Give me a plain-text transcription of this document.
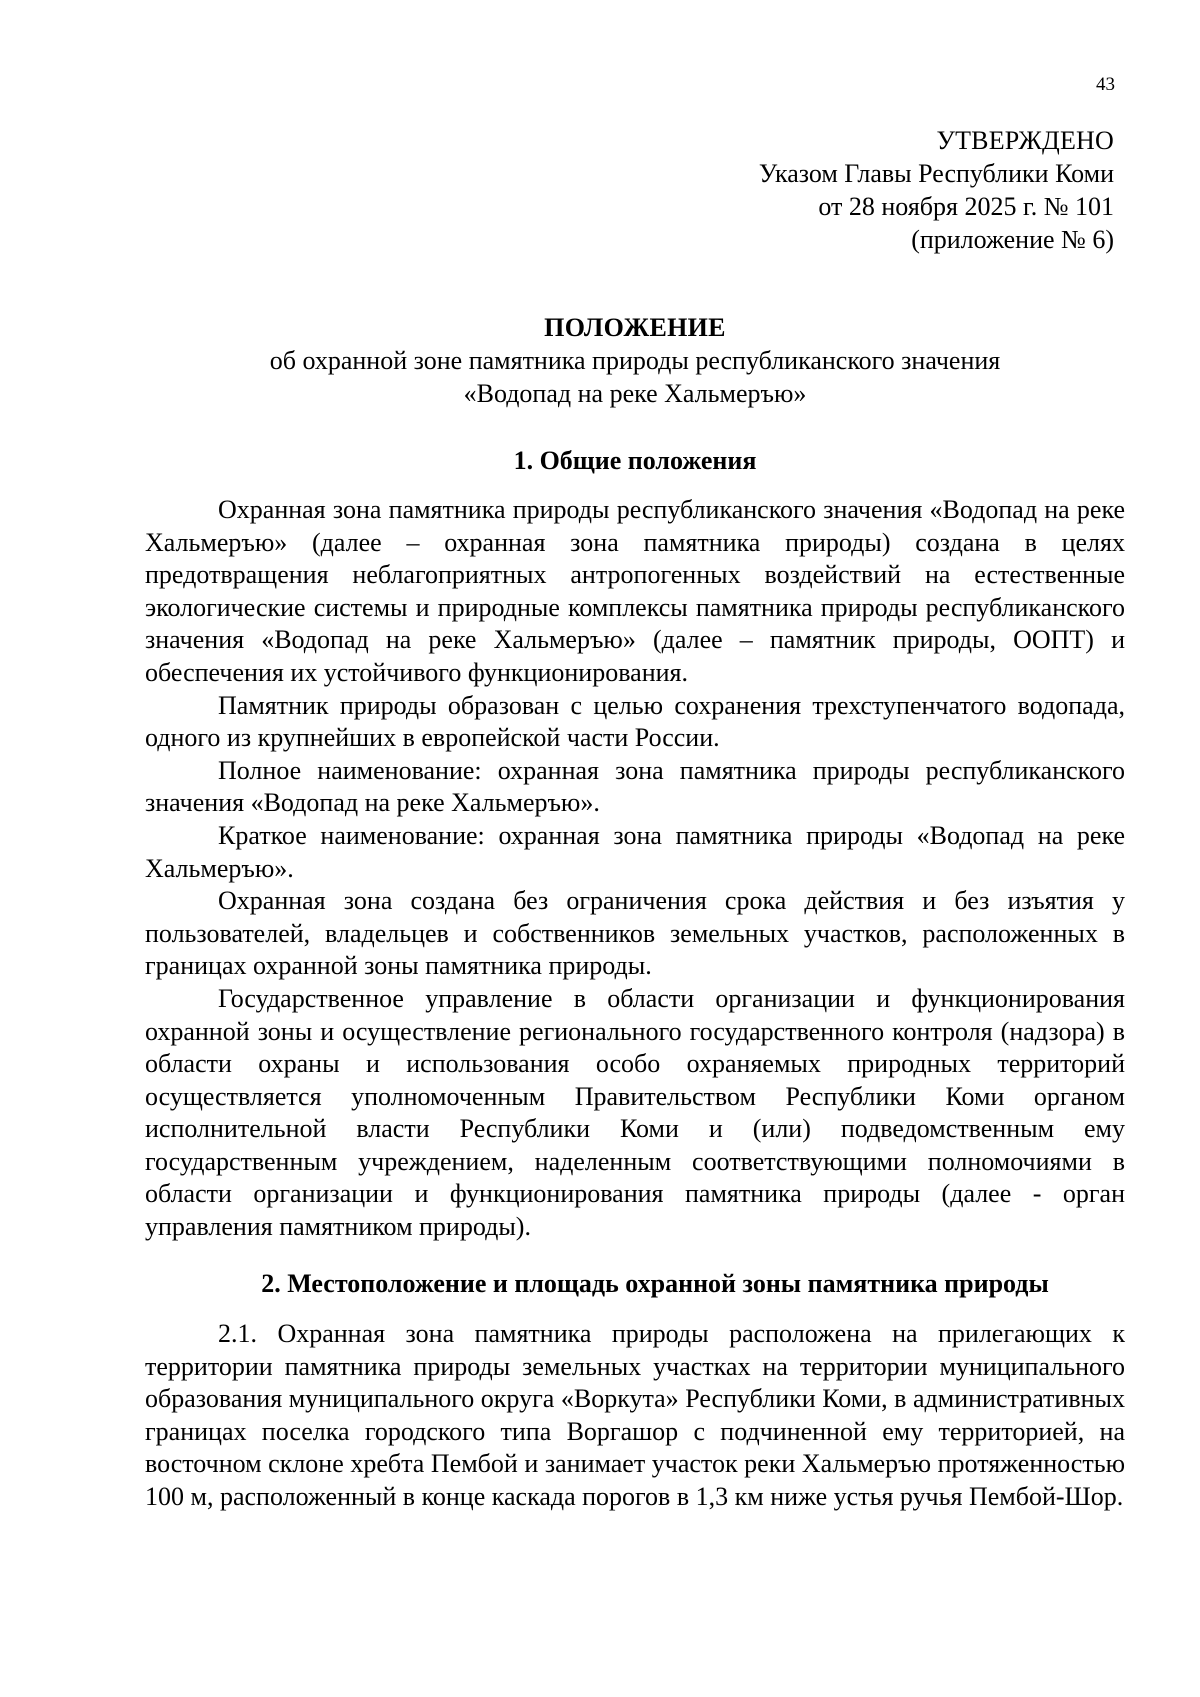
43
УТВЕРЖДЕНО
Указом Главы Республики Коми
от 28 ноября 2025 г. № 101
(приложение № 6)
ПОЛОЖЕНИЕ
об охранной зоне памятника природы республиканского значения
«Водопад на реке Хальмеръю»
1. Общие положения

Охранная зона памятника природы республиканского значения «Водопад на реке Хальмеръю» (далее – охранная зона памятника природы) создана в целях предотвращения неблагоприятных антропогенных воздействий на естественные экологические системы и природные комплексы памятника природы республиканского значения «Водопад на реке Хальмеръю» (далее – памятник природы, ООПТ) и обеспечения их устойчивого функционирования.

Памятник природы образован с целью сохранения трехступенчатого водопада, одного из крупнейших в европейской части России.

Полное наименование: охранная зона памятника природы республиканского значения «Водопад на реке Хальмеръю».

Краткое наименование: охранная зона памятника природы «Водопад на реке Хальмеръю».

Охранная зона создана без ограничения срока действия и без изъятия у пользователей, владельцев и собственников земельных участков, расположенных в границах охранной зоны памятника природы.

Государственное управление в области организации и функционирования охранной зоны и осуществление регионального государственного контроля (надзора) в области охраны и использования особо охраняемых природных территорий осуществляется уполномоченным Правительством Республики Коми органом исполнительной власти Республики Коми и (или) подведомственным ему государственным учреждением, наделенным соответствующими полномочиями в области организации и функционирования памятника природы (далее - орган управления памятником природы).

2. Местоположение и площадь охранной зоны памятника природы

2.1. Охранная зона памятника природы расположена на прилегающих к территории памятника природы земельных участках на территории муниципального образования муниципального округа «Воркута» Республики Коми, в административных границах поселка городского типа Воргашор с подчиненной ему территорией, на восточном склоне хребта Пембой и занимает участок реки Хальмеръю протяженностью 100 м, расположенный в конце каскада порогов в 1,3 км ниже устья ручья Пембой-Шор.
